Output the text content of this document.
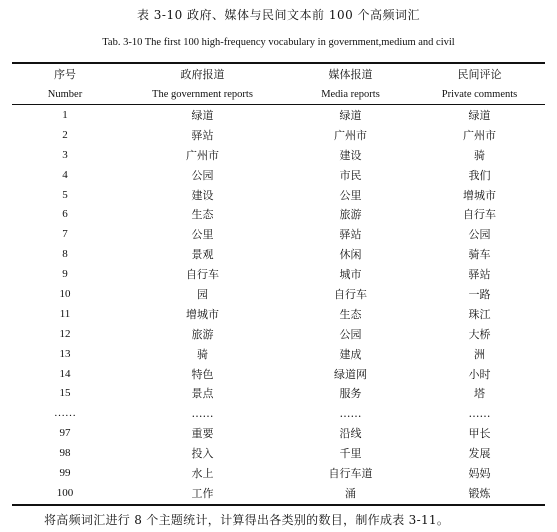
表 3-10 政府、媒体与民间文本前 100 个高频词汇
Tab. 3-10 The first 100 high-frequency vocabulary in government,medium and civil
序号	政府报道	媒体报道	民间评论
Number	The government reports	Media reports	Private comments
1	绿道	绿道	绿道
2	驿站	广州市	广州市
3	广州市	建设	骑
4	公园	市民	我们
5	建设	公里	增城市
6	生态	旅游	自行车
7	公里	驿站	公园
8	景观	休闲	骑车
9	自行车	城市	驿站
10	园	自行车	一路
11	增城市	生态	珠江
12	旅游	公园	大桥
13	骑	建成	洲
14	特色	绿道网	小时
15	景点	服务	塔
……	……	……	……
97	重要	沿线	甲长
98	投入	千里	发展
99	水上	自行车道	妈妈
100	工作	涌	锻炼
将高频词汇进行 8 个主题统计，计算得出各类别的数目，制作成表 3-11。
